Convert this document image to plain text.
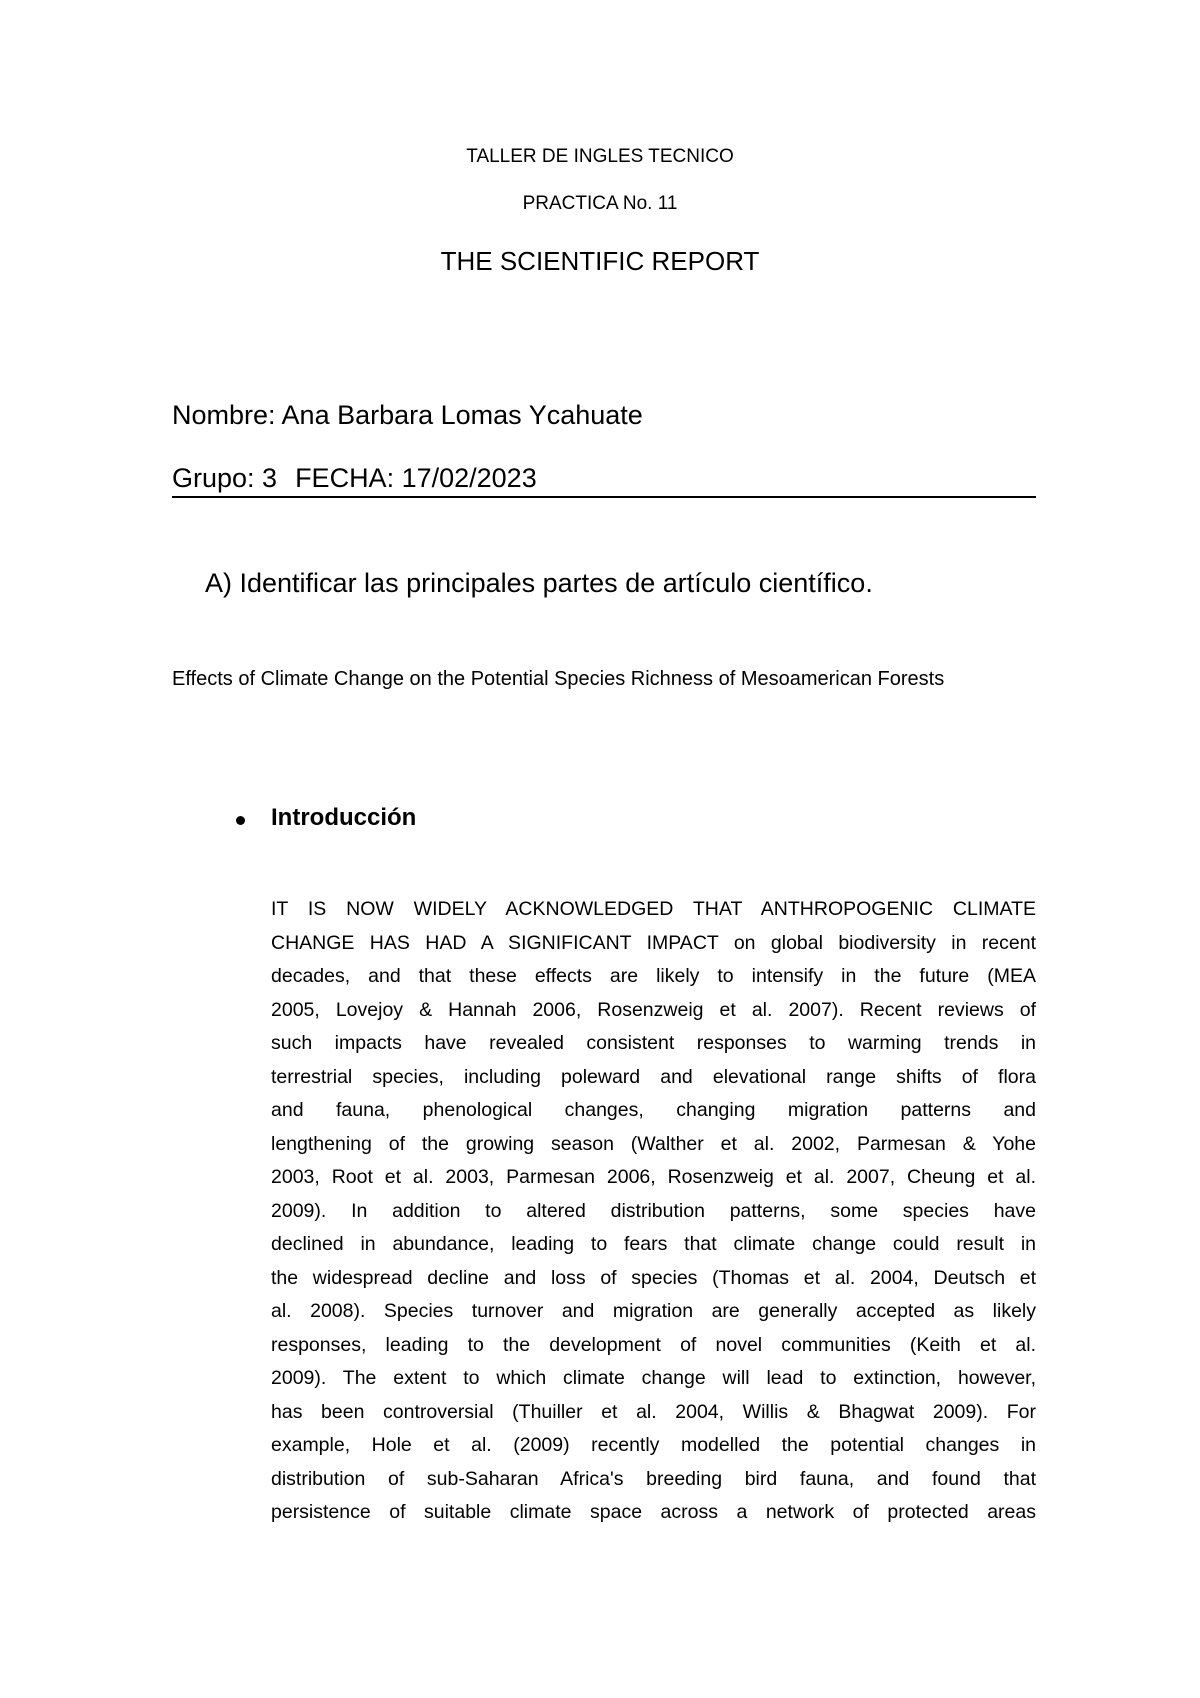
TALLER DE INGLES TECNICO
PRACTICA No. 11
THE SCIENTIFIC REPORT
Nombre: Ana Barbara Lomas Ycahuate
Grupo: 3 FECHA: 17/02/2023
A) Identificar las principales partes de artículo científico.
Effects of Climate Change on the Potential Species Richness of Mesoamerican Forests
Introducción
IT IS NOW WIDELY ACKNOWLEDGED THAT ANTHROPOGENIC CLIMATE
CHANGE HAS HAD A SIGNIFICANT IMPACT on global biodiversity in recent
decades, and that these effects are likely to intensify in the future (MEA
2005, Lovejoy & Hannah 2006, Rosenzweig et al. 2007). Recent reviews of
such impacts have revealed consistent responses to warming trends in
terrestrial species, including poleward and elevational range shifts of flora
and fauna, phenological changes, changing migration patterns and
lengthening of the growing season (Walther et al. 2002, Parmesan & Yohe
2003, Root et al. 2003, Parmesan 2006, Rosenzweig et al. 2007, Cheung et al.
2009). In addition to altered distribution patterns, some species have
declined in abundance, leading to fears that climate change could result in
the widespread decline and loss of species (Thomas et al. 2004, Deutsch et
al. 2008). Species turnover and migration are generally accepted as likely
responses, leading to the development of novel communities (Keith et al.
2009). The extent to which climate change will lead to extinction, however,
has been controversial (Thuiller et al. 2004, Willis & Bhagwat 2009). For
example, Hole et al. (2009) recently modelled the potential changes in
distribution of sub-Saharan Africa's breeding bird fauna, and found that
persistence of suitable climate space across a network of protected areas
